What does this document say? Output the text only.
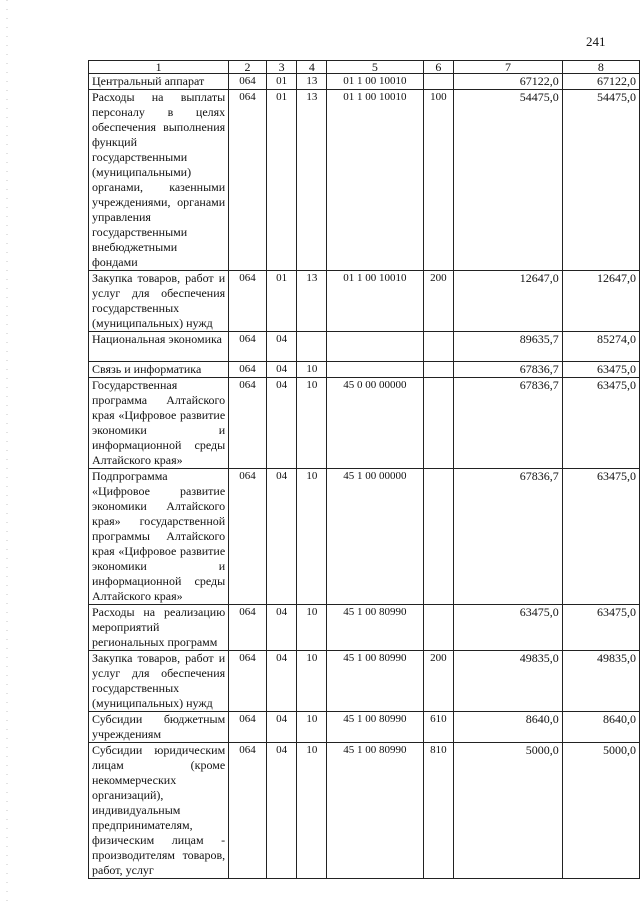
241
1	2	3	4	5	6	7	8
Центральный аппарат	064	01	13	01 1 00 10010		67122,0	67122,0
Расходы на выплаты персоналу в целях обеспечения выполнения функций государственными (муниципальными) органами, казенными учреждениями, органами управления государственными внебюджетными фондами	064	01	13	01 1 00 10010	100	54475,0	54475,0
Закупка товаров, работ и услуг для обеспечения государственных (муниципальных) нужд	064	01	13	01 1 00 10010	200	12647,0	12647,0
Национальная экономика	064	04				89635,7	85274,0
Связь и информатика	064	04	10			67836,7	63475,0
Государственная программа Алтайского края «Цифровое развитие экономики и информационной среды Алтайского края»	064	04	10	45 0 00 00000		67836,7	63475,0
Подпрограмма «Цифровое развитие экономики Алтайского края» государственной программы Алтайского края «Цифровое развитие экономики и информационной среды Алтайского края»	064	04	10	45 1 00 00000		67836,7	63475,0
Расходы на реализацию мероприятий региональных программ	064	04	10	45 1 00 80990		63475,0	63475,0
Закупка товаров, работ и услуг для обеспечения государственных (муниципальных) нужд	064	04	10	45 1 00 80990	200	49835,0	49835,0
Субсидии бюджетным учреждениям	064	04	10	45 1 00 80990	610	8640,0	8640,0
Субсидии юридическим лицам (кроме некоммерческих организаций), индивидуальным предпринимателям, физическим лицам - производителям товаров, работ, услуг	064	04	10	45 1 00 80990	810	5000,0	5000,0
